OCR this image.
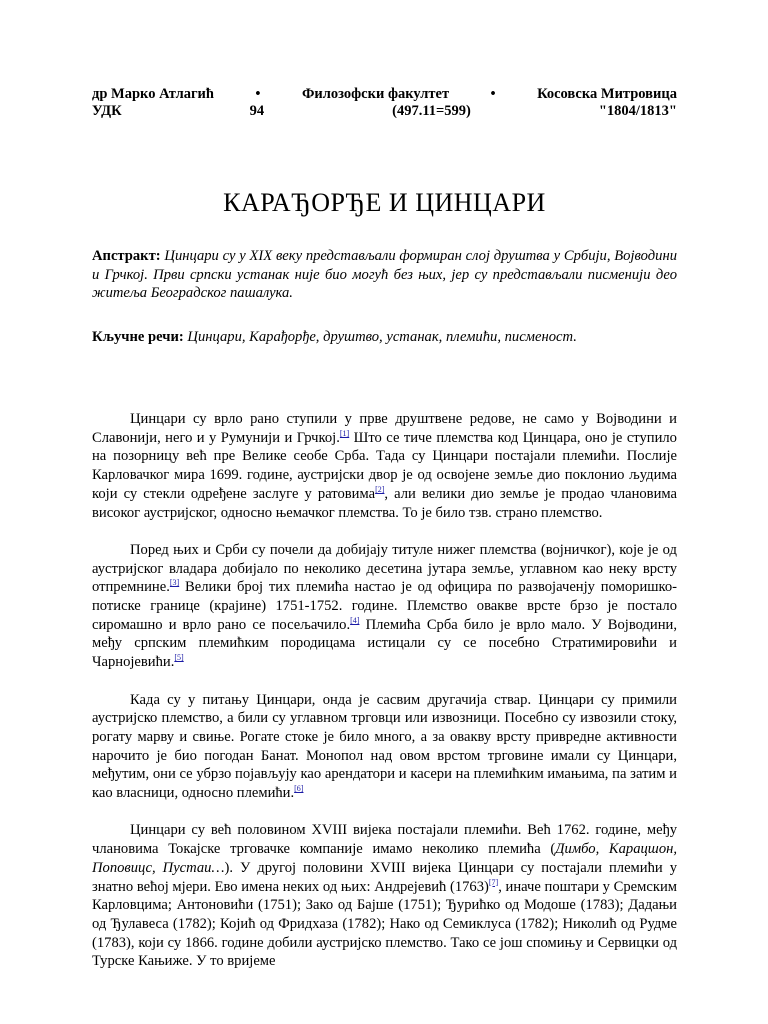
др Марко Атлагић	•	Филозофски факултет	•	Косовска Митровица
УДК	94	(497.11=599)	"1804/1813"
КАРАЂОРЂЕ И ЦИНЦАРИ
Апстракт: Цинцари су у XIX веку представљали формиран слој друштва у Србији, Војводини и Грчкој. Први српски устанак није био могућ без њих, јер су представљали писменији део житеља Београдског пашалука.
Кључне речи: Цинцари, Карађорђе, друштво, устанак, племићи, писменост.

Цинцари су врло рано ступили у прве друштвене редове, не само у Војводини и Славонији, него и у Румунији и Грчкој.[1] Што се тиче племства код Цинцара, оно је ступило на позорницу већ пре Велике сеобе Срба. Тада су Цинцари постајали племићи. Послије Карловачког мира 1699. године, аустријски двор је од освојене земље дио поклонио људима који су стекли одређене заслуге у ратовима[2], али велики дио земље је продао члановима високог аустријског, односно њемачког племства. То је било тзв. страно племство.

Поред њих и Срби су почели да добијају титуле нижег племства (војничког), које је од аустријског владара добијало по неколико десетина јутара земље, углавном као неку врсту отпремнине.[3] Велики број тих племића настао је од официра по развојаченју поморишко-потиске границе (крајине) 1751-1752. године. Племство овакве врсте брзо је постало сиромашно и врло рано се посељачило.[4] Племића Срба било је врло мало. У Војводини, међу српским племићким породицама истицали су се посебно Стратимировићи и Чарнојевићи.[5]

Када су у питању Цинцари, онда је сасвим другачија ствар. Цинцари су примили аустријско племство, а били су углавном трговци или извозници. Посебно су извозили стоку, рогату марву и свиње. Рогате стоке је било много, а за овакву врсту привредне активности нарочито је био погодан Банат. Монопол над овом врстом трговине имали су Цинцари, међутим, они се убрзо појављују као арендатори и касери на племићким имањима, па затим и као власници, односно племићи.[6]

Цинцари су већ половином XVIII вијека постајали племићи. Већ 1762. године, међу члановима Токајске трговачке компаније имамо неколико племића (Димбо, Карацшон, Поповицс, Пустаи…). У другој половини XVIII вијека Цинцари су постајали племићи у знатно већој мјери. Ево имена неких од њих: Андрејевић (1763)[7], иначе поштари у Сремским Карловцима; Антоновићи (1751); Зако од Бајше (1751); Ђурићко од Модоше (1783); Дадањи од Ђулавеса (1782); Којић од Фридхаза (1782); Нако од Семиклуса (1782); Николић од Рудме (1783), који су 1866. године добили аустријско племство. Тако се још спомињу и Сервицки од Турске Кањиже. У то вријеме
